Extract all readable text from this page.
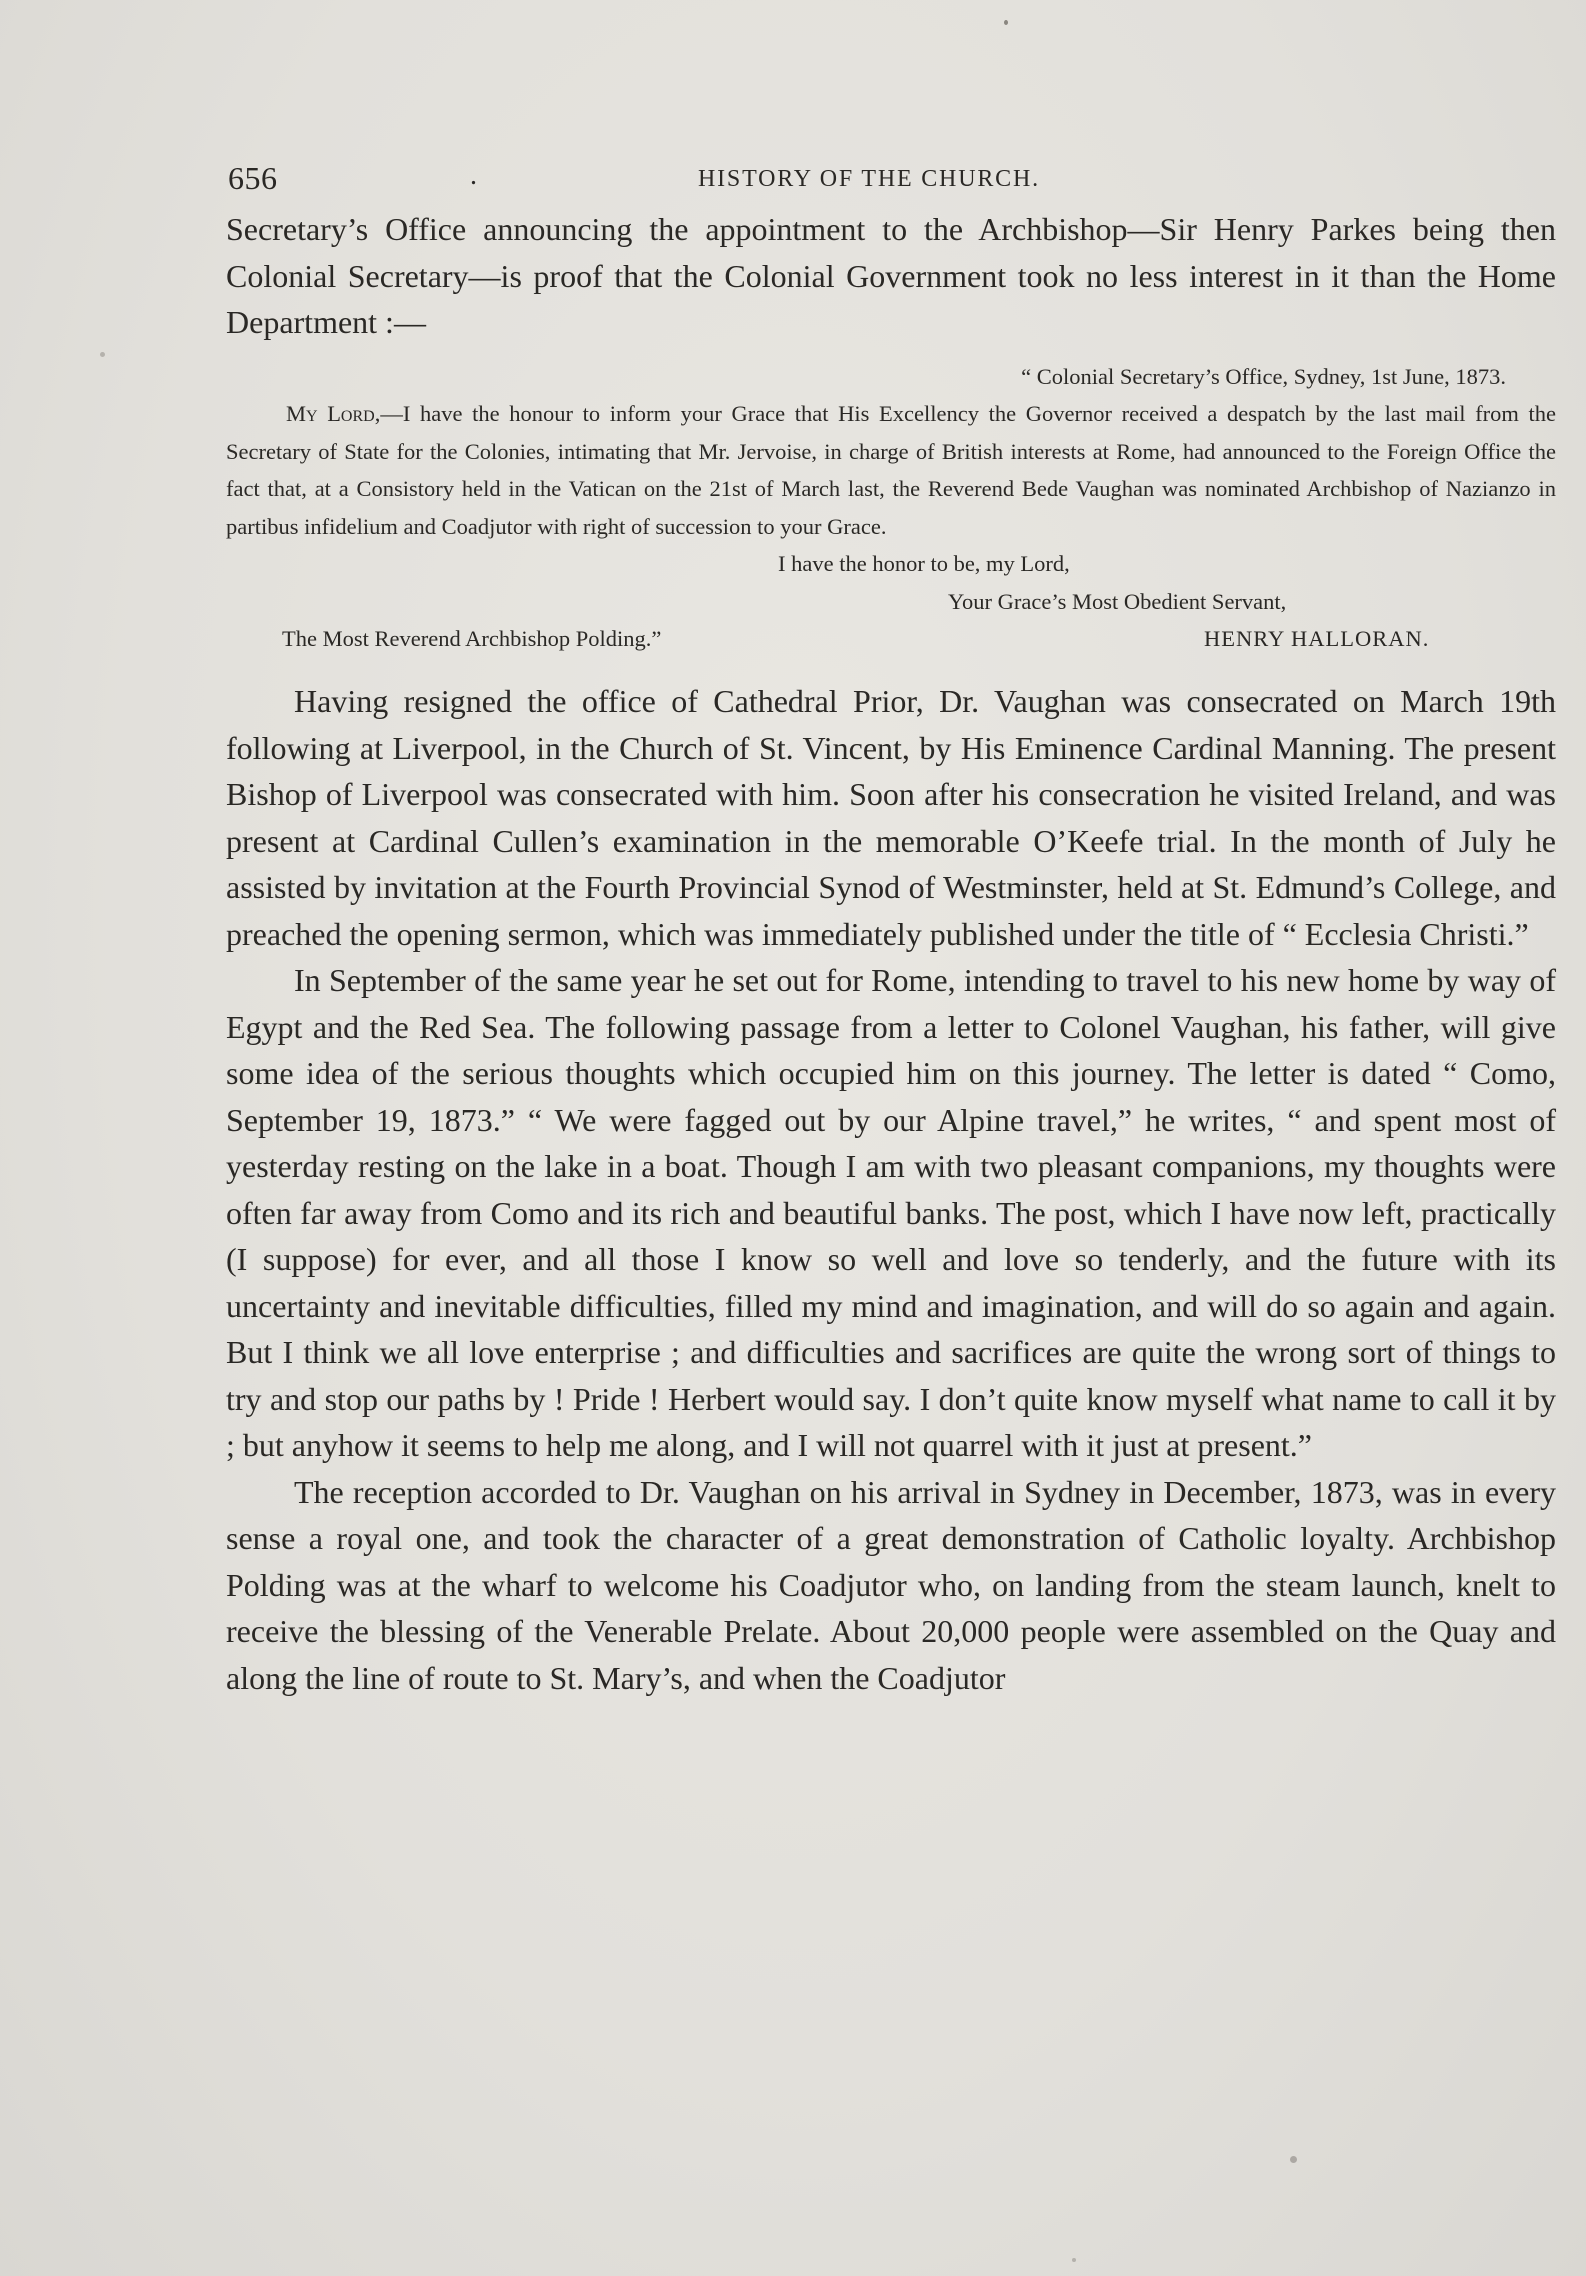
656	.	HISTORY OF THE CHURCH.

Secretary’s Office announcing the appointment to the Archbishop—Sir Henry Parkes being then Colonial Secretary—is proof that the Colonial Government took no less interest in it than the Home Department :—

“ Colonial Secretary’s Office, Sydney, 1st June, 1873.

My Lord,—I have the honour to inform your Grace that His Excellency the Governor received a despatch by the last mail from the Secretary of State for the Colonies, intimating that Mr. Jervoise, in charge of British interests at Rome, had announced to the Foreign Office the fact that, at a Consistory held in the Vatican on the 21st of March last, the Reverend Bede Vaughan was nominated Archbishop of Nazianzo in partibus infidelium and Coadjutor with right of succession to your Grace.

I have the honor to be, my Lord,
Your Grace’s Most Obedient Servant,
The Most Reverend Archbishop Polding.”	HENRY HALLORAN.

Having resigned the office of Cathedral Prior, Dr. Vaughan was consecrated on March 19th following at Liverpool, in the Church of St. Vincent, by His Eminence Cardinal Manning. The present Bishop of Liverpool was consecrated with him. Soon after his consecration he visited Ireland, and was present at Cardinal Cullen’s examination in the memorable O’Keefe trial. In the month of July he assisted by invitation at the Fourth Provincial Synod of Westminster, held at St. Edmund’s College, and preached the opening sermon, which was immediately published under the title of “ Ecclesia Christi.”

In September of the same year he set out for Rome, intending to travel to his new home by way of Egypt and the Red Sea. The following passage from a letter to Colonel Vaughan, his father, will give some idea of the serious thoughts which occupied him on this journey. The letter is dated “ Como, September 19, 1873.” “ We were fagged out by our Alpine travel,” he writes, “ and spent most of yesterday resting on the lake in a boat. Though I am with two pleasant companions, my thoughts were often far away from Como and its rich and beautiful banks. The post, which I have now left, practically (I suppose) for ever, and all those I know so well and love so tenderly, and the future with its uncertainty and inevitable difficulties, filled my mind and imagination, and will do so again and again. But I think we all love enterprise ; and difficulties and sacrifices are quite the wrong sort of things to try and stop our paths by ! Pride ! Herbert would say. I don’t quite know myself what name to call it by ; but anyhow it seems to help me along, and I will not quarrel with it just at present.”

The reception accorded to Dr. Vaughan on his arrival in Sydney in December, 1873, was in every sense a royal one, and took the character of a great demonstration of Catholic loyalty. Archbishop Polding was at the wharf to welcome his Coadjutor who, on landing from the steam launch, knelt to receive the blessing of the Venerable Prelate. About 20,000 people were assembled on the Quay and along the line of route to St. Mary’s, and when the Coadjutor
